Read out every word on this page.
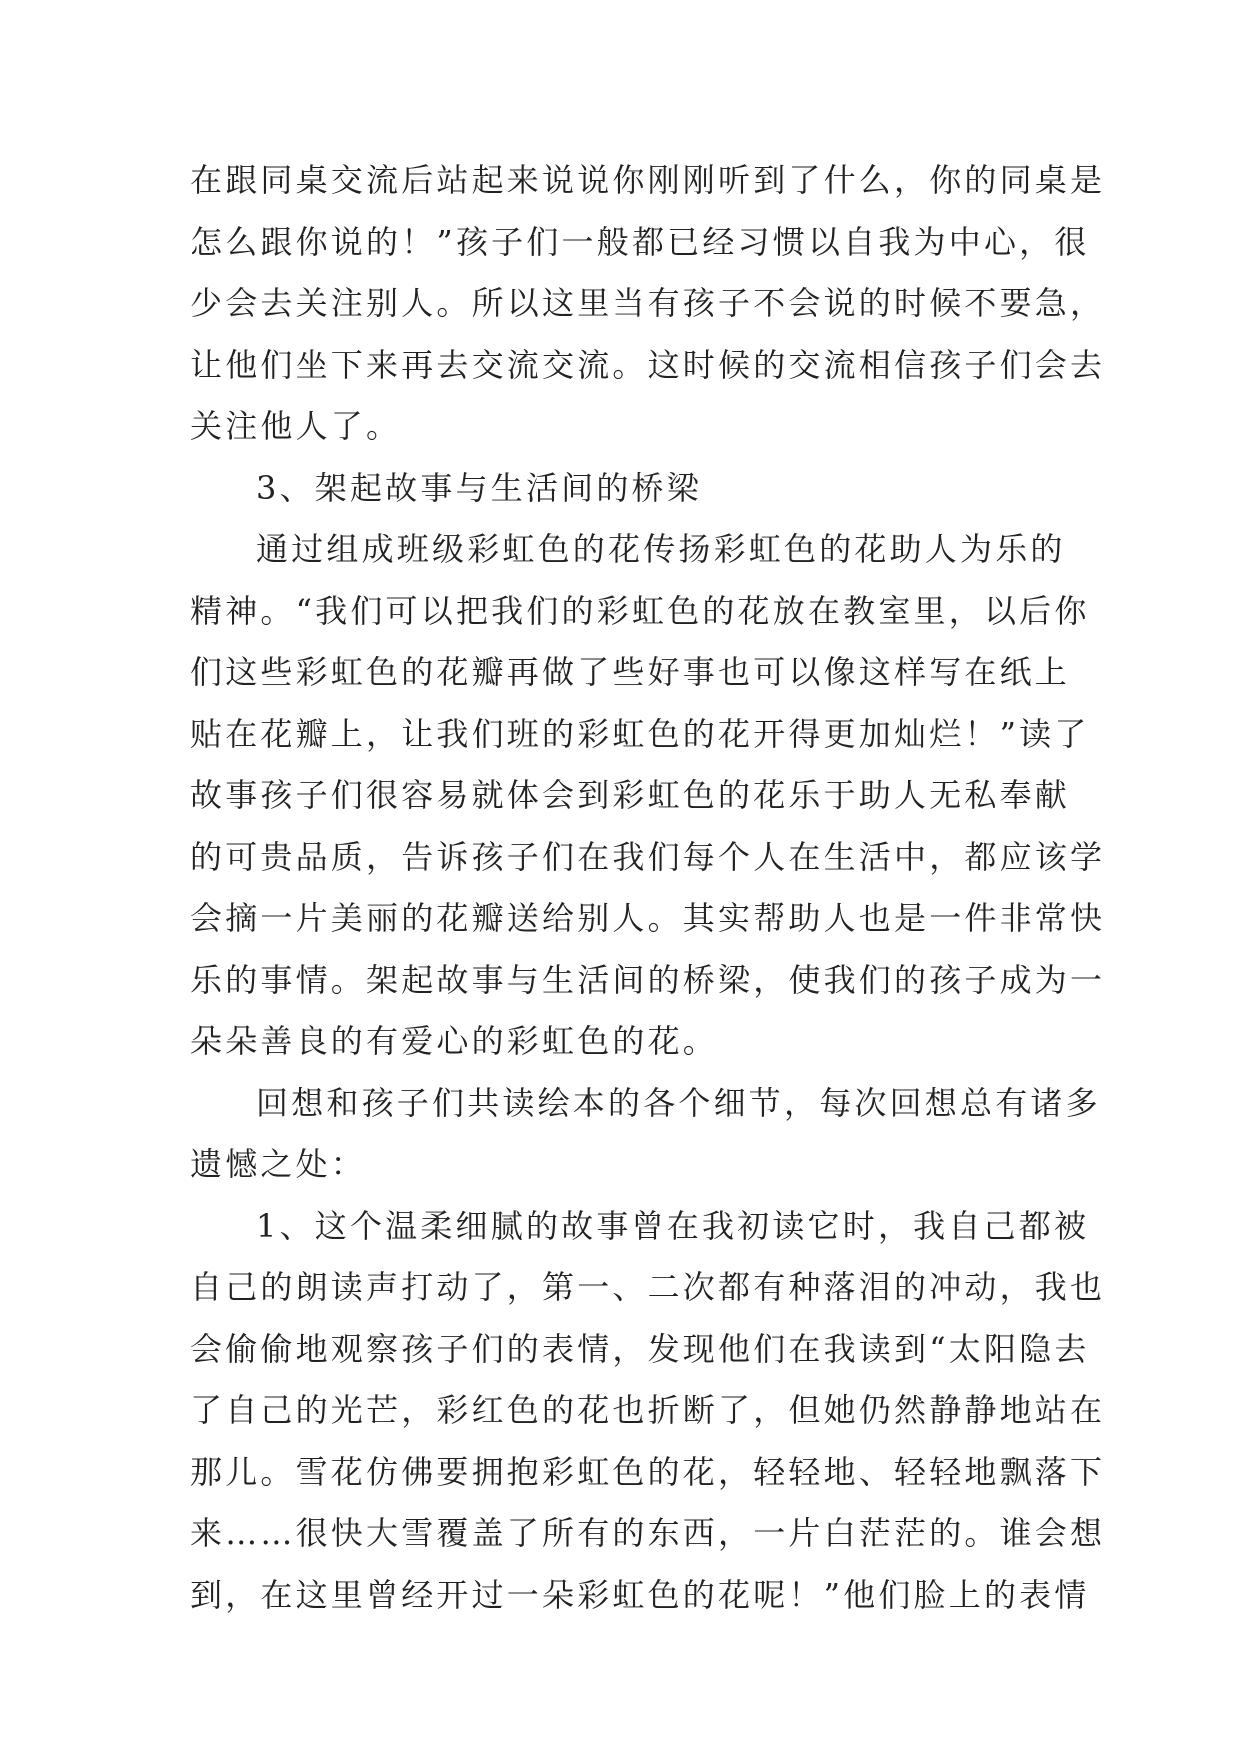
在跟同桌交流后站起来说说你刚刚听到了什么，你的同桌是
怎么跟你说的！”孩子们一般都已经习惯以自我为中心，很
少会去关注别人。所以这里当有孩子不会说的时候不要急，
让他们坐下来再去交流交流。这时候的交流相信孩子们会去
关注他人了。
3、架起故事与生活间的桥梁
通过组成班级彩虹色的花传扬彩虹色的花助人为乐的
精神。“我们可以把我们的彩虹色的花放在教室里，以后你
们这些彩虹色的花瓣再做了些好事也可以像这样写在纸上
贴在花瓣上，让我们班的彩虹色的花开得更加灿烂！”读了
故事孩子们很容易就体会到彩虹色的花乐于助人无私奉献
的可贵品质，告诉孩子们在我们每个人在生活中，都应该学
会摘一片美丽的花瓣送给别人。其实帮助人也是一件非常快
乐的事情。架起故事与生活间的桥梁，使我们的孩子成为一
朵朵善良的有爱心的彩虹色的花。
回想和孩子们共读绘本的各个细节，每次回想总有诸多
遗憾之处：
1、这个温柔细腻的故事曾在我初读它时，我自己都被
自己的朗读声打动了，第一、二次都有种落泪的冲动，我也
会偷偷地观察孩子们的表情，发现他们在我读到“太阳隐去
了自己的光芒，彩红色的花也折断了，但她仍然静静地站在
那儿。雪花仿佛要拥抱彩虹色的花，轻轻地、轻轻地飘落下
来……很快大雪覆盖了所有的东西，一片白茫茫的。谁会想
到，在这里曾经开过一朵彩虹色的花呢！”他们脸上的表情
